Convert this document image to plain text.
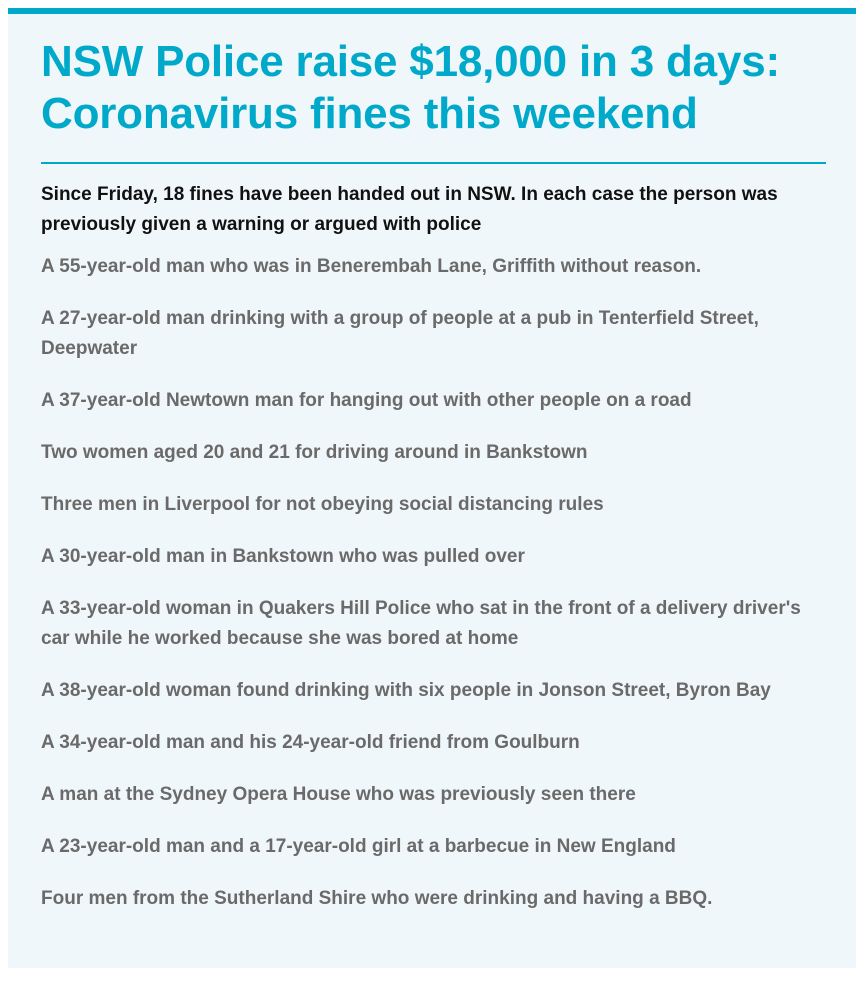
NSW Police raise $18,000 in 3 days: Coronavirus fines this weekend

Since Friday, 18 fines have been handed out in NSW. In each case the person was previously given a warning or argued with police

A 55-year-old man who was in Benerembah Lane, Griffith without reason.
A 27-year-old man drinking with a group of people at a pub in Tenterfield Street, Deepwater
A 37-year-old Newtown man for hanging out with other people on a road
Two women aged 20 and 21 for driving around in Bankstown
Three men in Liverpool for not obeying social distancing rules
A 30-year-old man in Bankstown who was pulled over
A 33-year-old woman in Quakers Hill Police who sat in the front of a delivery driver's car while he worked because she was bored at home
A 38-year-old woman found drinking with six people in Jonson Street, Byron Bay
A 34-year-old man and his 24-year-old friend from Goulburn
A man at the Sydney Opera House who was previously seen there
A 23-year-old man and a 17-year-old girl at a barbecue in New England
Four men from the Sutherland Shire who were drinking and having a BBQ.
